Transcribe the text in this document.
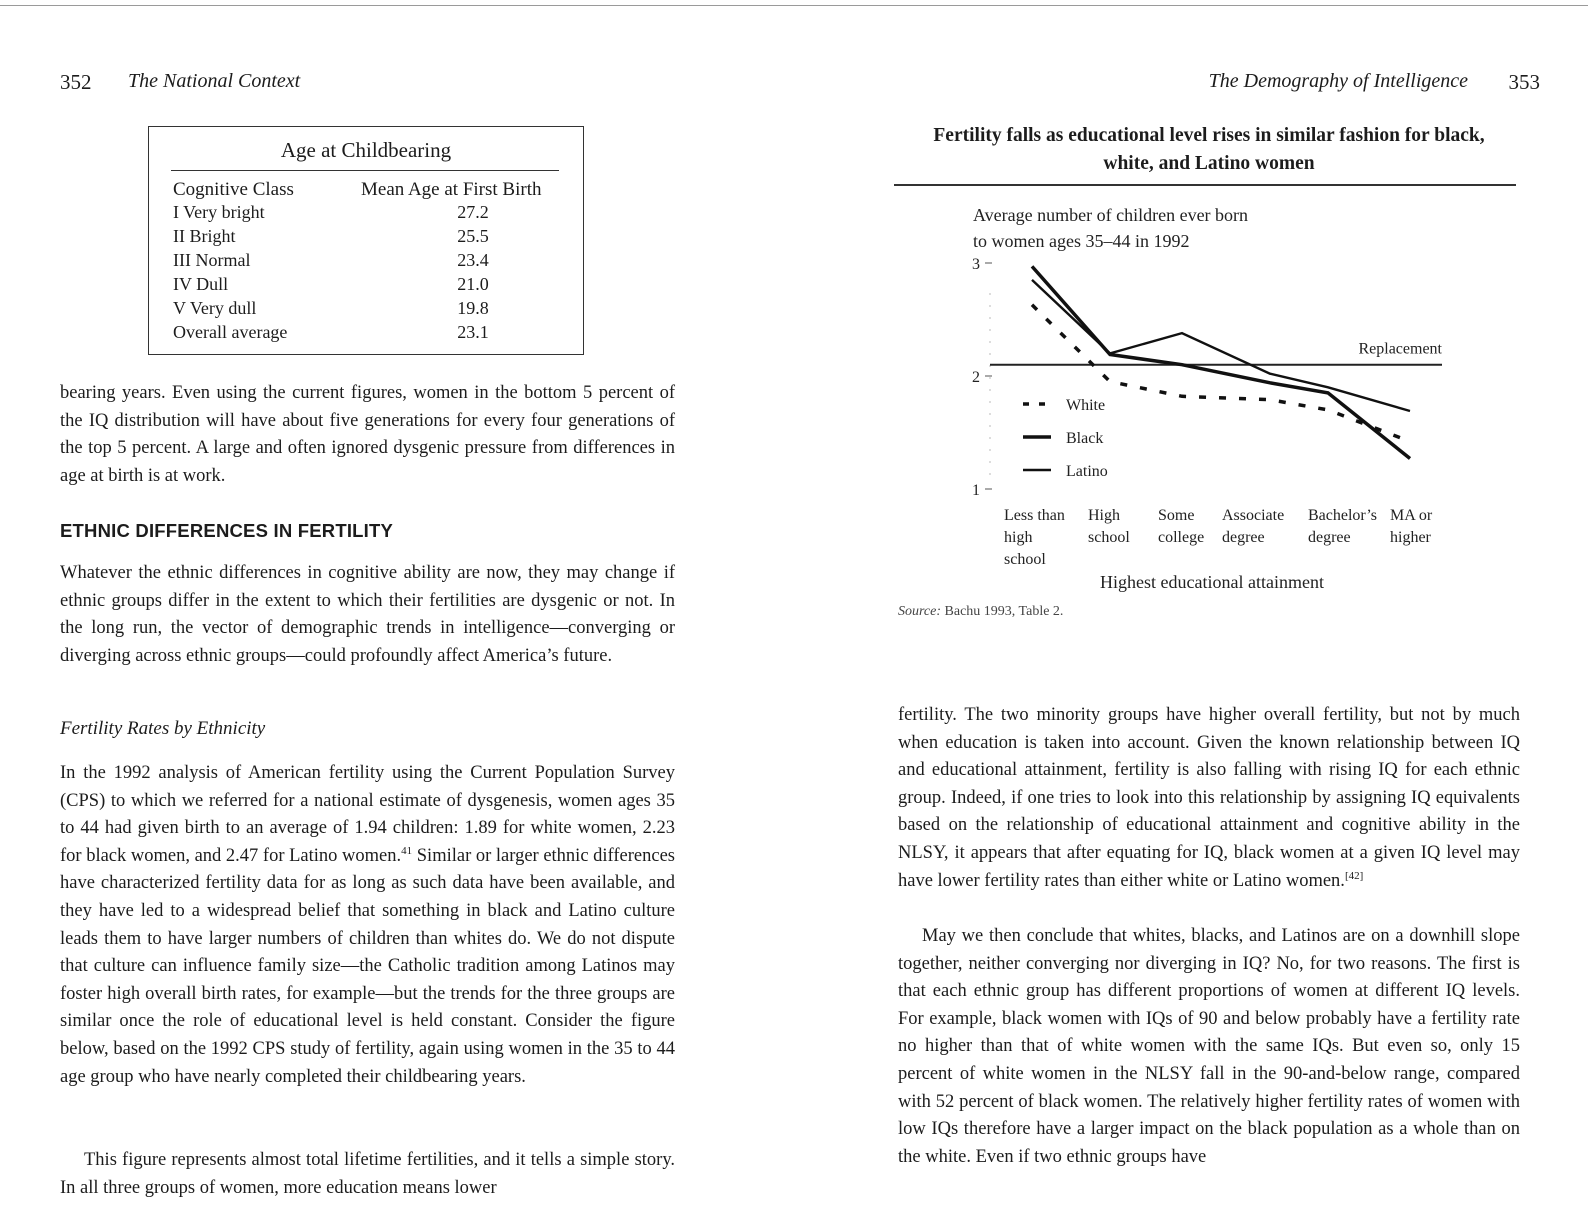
352 The National Context
Age at Childbearing
Cognitive Class	Mean Age at First Birth
I Very bright	27.2
II Bright	25.5
III Normal	23.4
IV Dull	21.0
V Very dull	19.8
Overall average	23.1

bearing years. Even using the current figures, women in the bottom 5 percent of the IQ distribution will have about five generations for every four generations of the top 5 percent. A large and often ignored dysgenic pressure from differences in age at birth is at work.

ETHNIC DIFFERENCES IN FERTILITY

Whatever the ethnic differences in cognitive ability are now, they may change if ethnic groups differ in the extent to which their fertilities are dysgenic or not. In the long run, the vector of demographic trends in intelligence—converging or diverging across ethnic groups—could profoundly affect America’s future.

Fertility Rates by Ethnicity

In the 1992 analysis of American fertility using the Current Population Survey (CPS) to which we referred for a national estimate of dysgenesis, women ages 35 to 44 had given birth to an average of 1.94 children: 1.89 for white women, 2.23 for black women, and 2.47 for Latino women.$^{41}$ Similar or larger ethnic differences have characterized fertility data for as long as such data have been available, and they have led to a widespread belief that something in black and Latino culture leads them to have larger numbers of children than whites do. We do not dispute that culture can influence family size—the Catholic tradition among Latinos may foster high overall birth rates, for example—but the trends for the three groups are similar once the role of educational level is held constant. Consider the figure below, based on the 1992 CPS study of fertility, again using women in the 35 to 44 age group who have nearly completed their childbearing years.

This figure represents almost total lifetime fertilities, and it tells a simple story. In all three groups of women, more education means lower

The Demography of Intelligence 353
Fertility falls as educational level rises in similar fashion for black,
white, and Latino women
Average number of children ever born
to women ages 35–44 in 1992
3
2
1
Replacement
White
Black
Latino
Less than
high
school
High
school
Some
college
Associate
degree
Bachelor’s
degree
MA or
higher
Highest educational attainment
Source: Bachu 1993, Table 2.

fertility. The two minority groups have higher overall fertility, but not by much when education is taken into account. Given the known relationship between IQ and educational attainment, fertility is also falling with rising IQ for each ethnic group. Indeed, if one tries to look into this relationship by assigning IQ equivalents based on the relationship of educational attainment and cognitive ability in the NLSY, it appears that after equating for IQ, black women at a given IQ level may have lower fertility rates than either white or Latino women.[42]

May we then conclude that whites, blacks, and Latinos are on a downhill slope together, neither converging nor diverging in IQ? No, for two reasons. The first is that each ethnic group has different proportions of women at different IQ levels. For example, black women with IQs of 90 and below probably have a fertility rate no higher than that of white women with the same IQs. But even so, only 15 percent of white women in the NLSY fall in the 90-and-below range, compared with 52 percent of black women. The relatively higher fertility rates of women with low IQs therefore have a larger impact on the black population as a whole than on the white. Even if two ethnic groups have
